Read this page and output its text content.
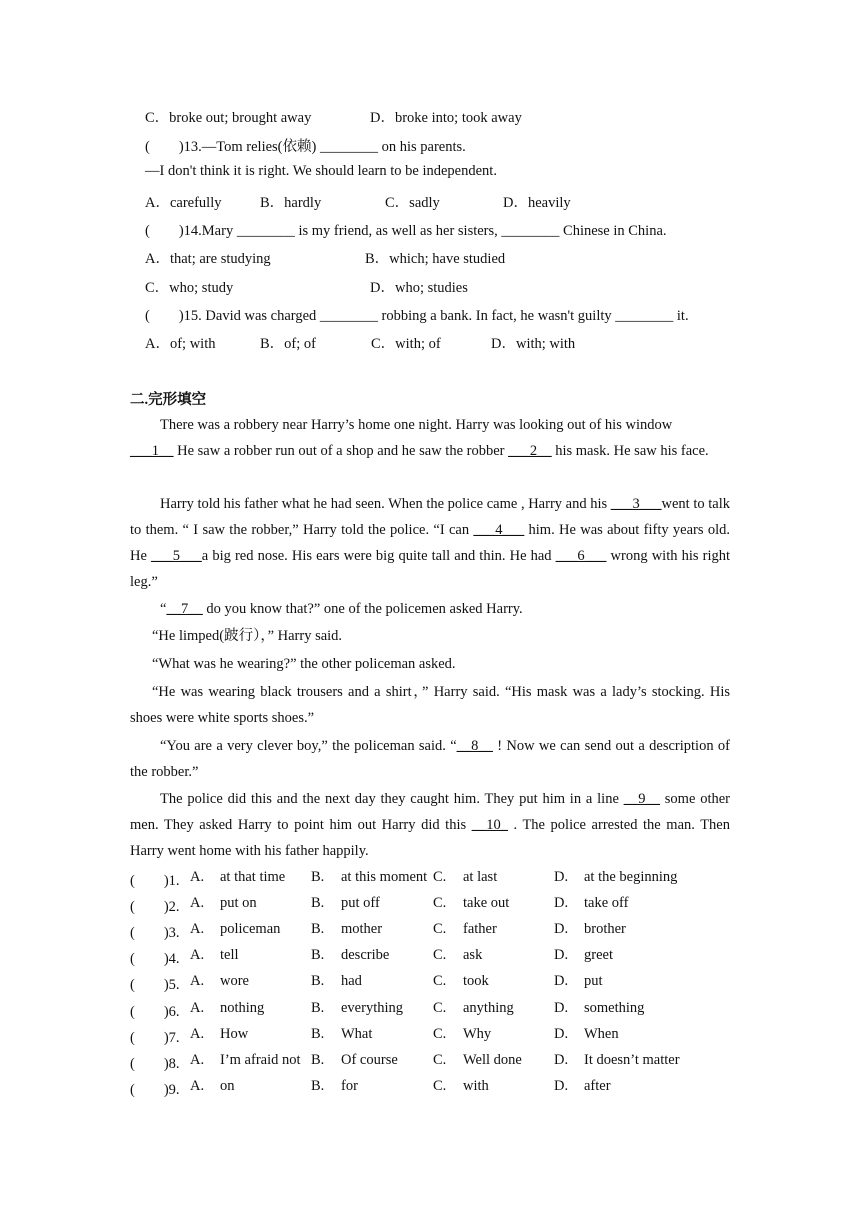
C．broke out; brought away	D．broke into; took away
(　　)13.—Tom relies(依赖) ________ on his parents.
—I don't think it is right. We should learn to be independent.
A．carefully	B．hardly	C．sadly	D．heavily
(　　)14.Mary ________ is my friend, as well as her sisters, ________ Chinese in China.
A．that; are studying	B．which; have studied
C．who; study	D．who; studies
(　　)15. David was charged ________ robbing a bank. In fact, he wasn't guilty ________ it.
A．of; with	B．of; of	C．with; of	D．with; with
二.完形填空
There was a robbery near Harry’s home one night. Harry was looking out of his window
___1__ He saw a robber run out of a shop and he saw the robber ___2__ his mask. He saw his face.
Harry told his father what he had seen. When the police came , Harry and his ___3___went to talk to them. “ I saw the robber,” Harry told the police. “I can ___4___ him. He was about fifty years old. He ___5___a big red nose. His ears were big quite tall and thin. He had ___6___ wrong with his right leg.”
“__7__ do you know that?” one of the policemen asked Harry.
“He limped(跛行），” Harry said.
“What was he wearing?” the other policeman asked.
“He was wearing black trousers and a shirt，” Harry said. “His mask was a lady’s stocking. His shoes were white sports shoes.”
“You are a very clever boy,” the policeman said. “__8__ ! Now we can send out a description of the robber.”
The police did this and the next day they caught him. They put him in a line __9__ some other men. They asked Harry to point him out Harry did this __10_ . The police arrested the man. Then Harry went home with his father happily.
(　　)1. A. at that time B. at this moment C. at last	D. at the beginning
(　　)2. A. put on	B. put off	C. take out	D. take off
(　　)3. A. policeman B. mother	C. father	D. brother
(　　)4. A. tell	B. describe	C. ask	D. greet
(　　)5. A. wore	B. had	C. took	D. put
(　　)6. A. nothing	B. everything C. anything	D. something
(　　)7. A. How	B. What	C. Why	D. When
(　　)8. A. I’m afraid not B. Of course C. Well done D. It doesn’t matter
(　　)9. A. on	B. for	C. with	D. after
